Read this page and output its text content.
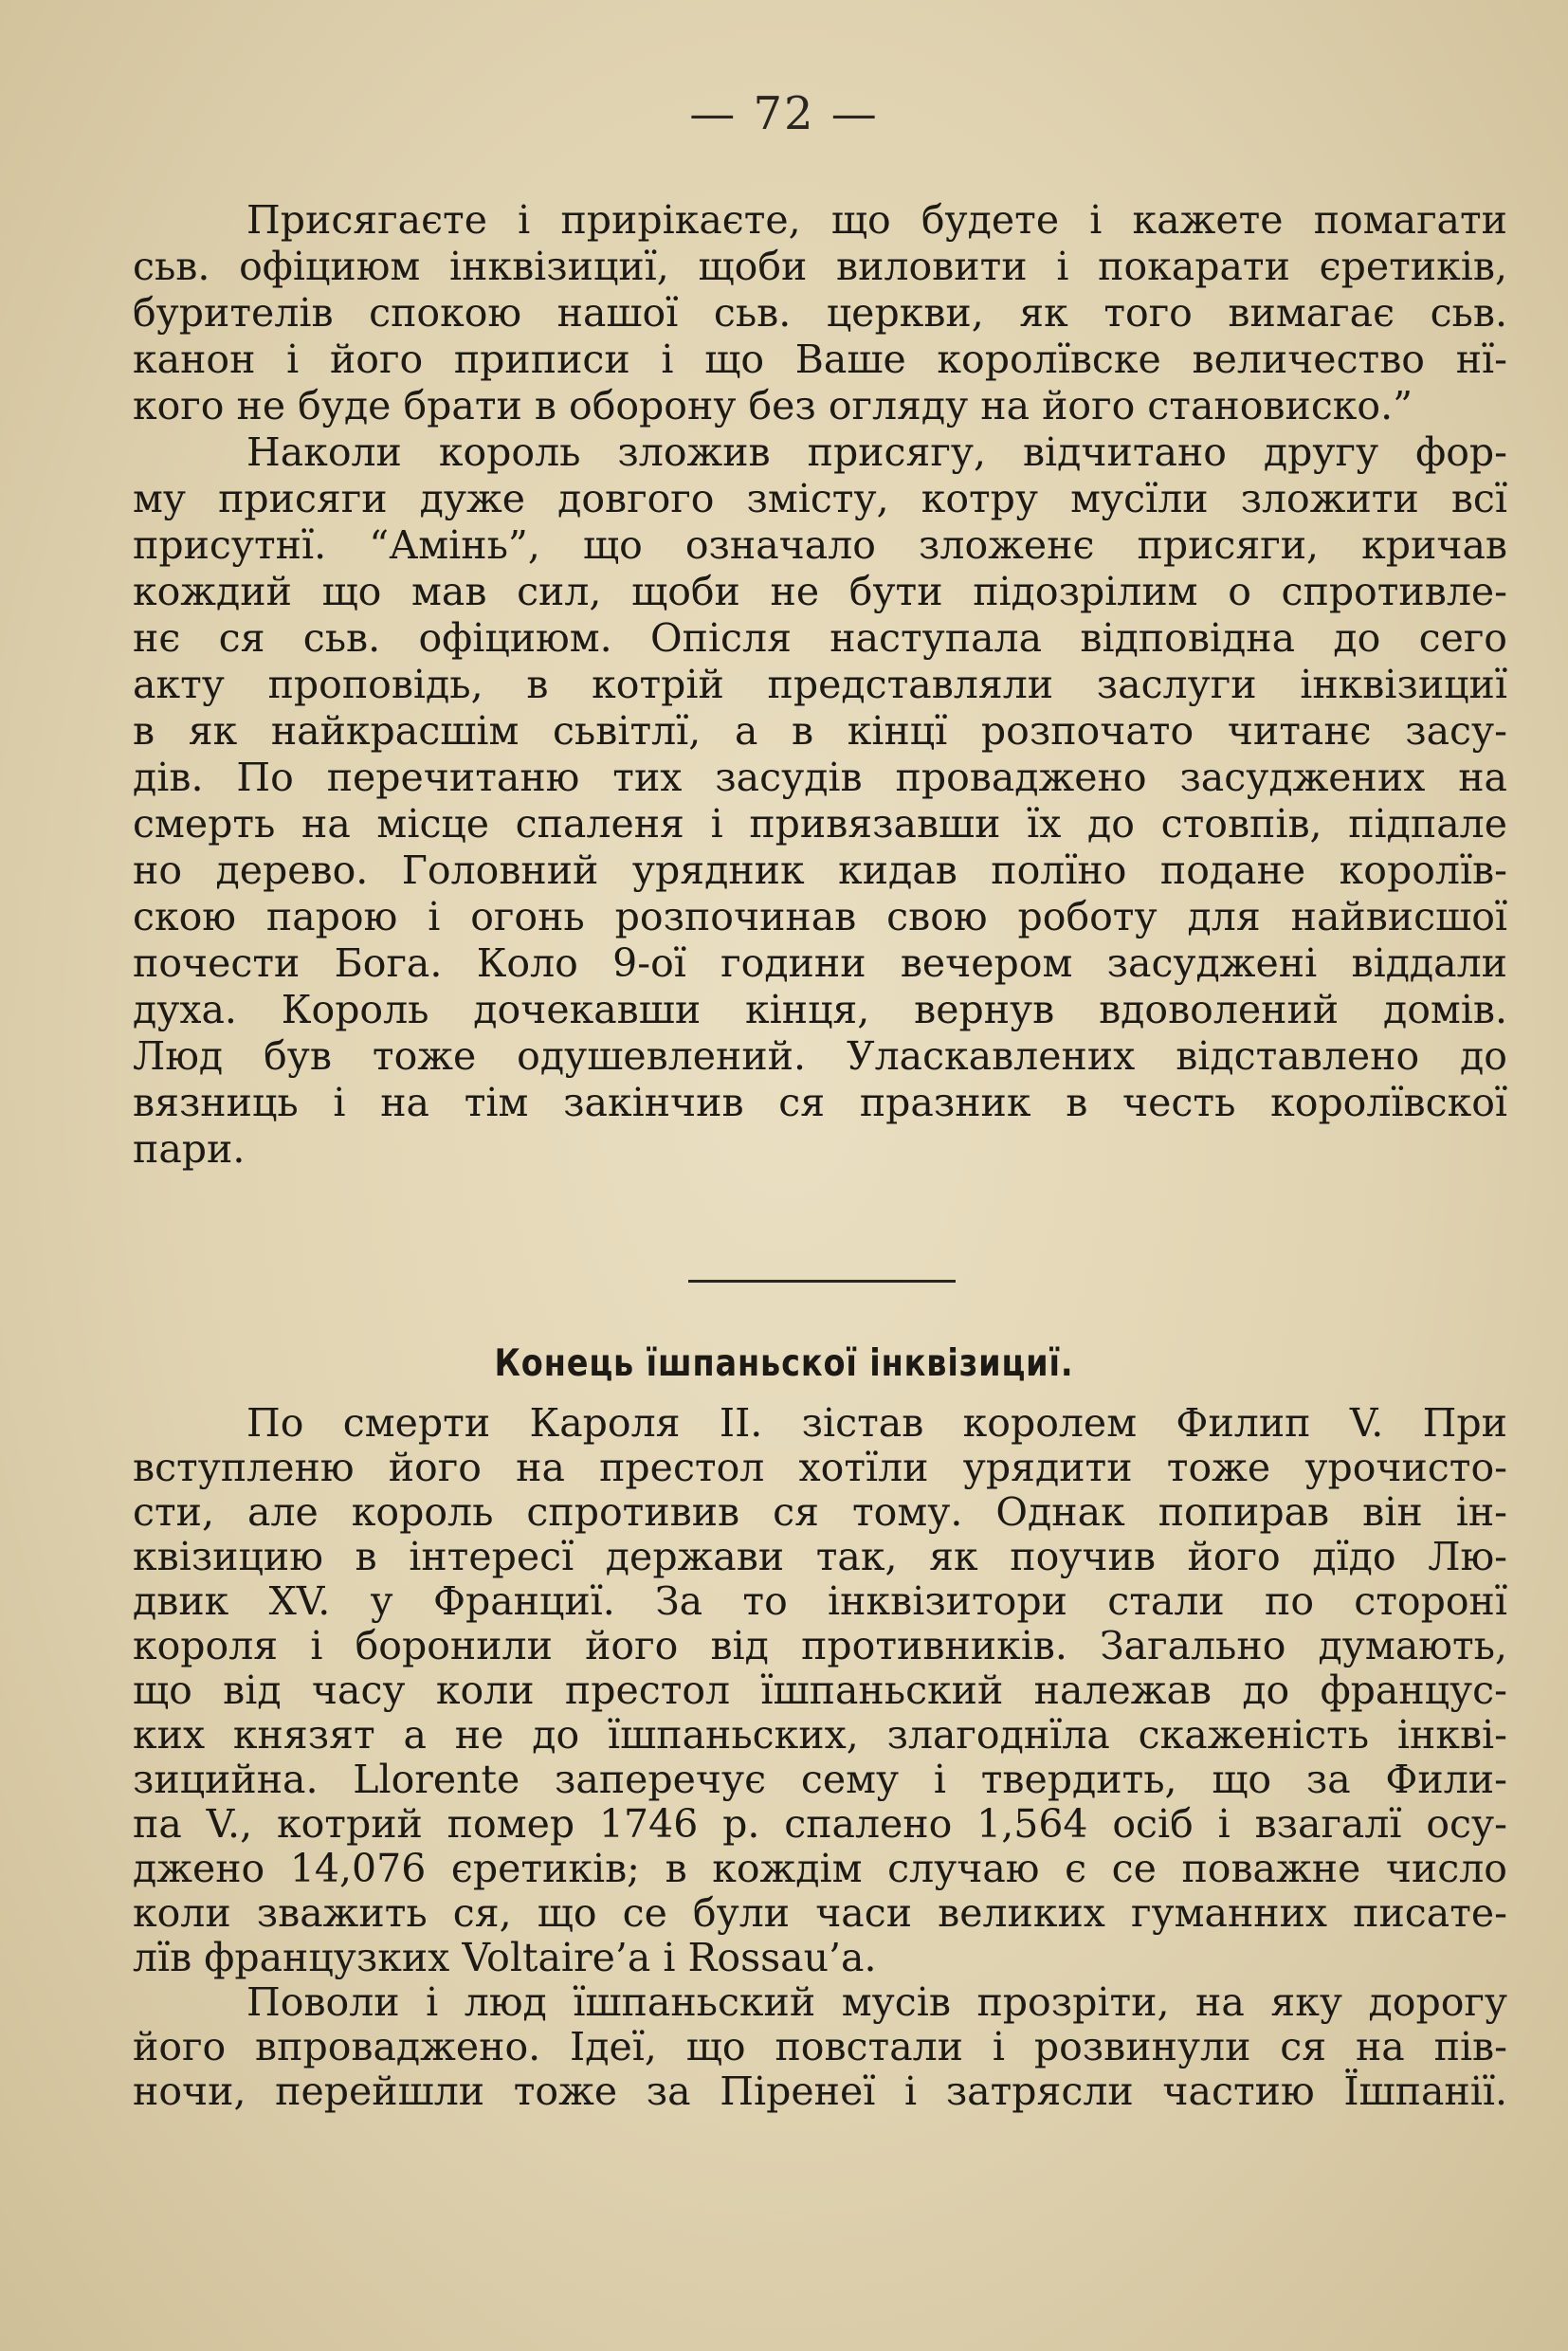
— 72 —
Присягаєте і прирікаєте, що будете і кажете помагати
сьв. офіциюм інквізициї, щоби виловити і покарати єретиків,
бурителів спокою нашої сьв. церкви, як того вимагає сьв.
канон і його приписи і що Ваше королївске величество нї-
кого не буде брати в оборону без огляду на його становиско.”
Наколи король зложив присягу, відчитано другу фор-
му присяги дуже довгого змісту, котру мусїли зложити всї
присутнї. “Амінь”, що означало зложенє присяги, кричав
кождий що мав сил, щоби не бути підозрілим о спротивле-
нє ся сьв. офіциюм. Опісля наступала відповідна до сего
акту проповідь, в котрій представляли заслуги інквізициї
в як найкрасшім сьвітлї, а в кінцї розпочато читанє засу-
дів. По перечитаню тих засудів проваджено засуджених на
смерть на місце спаленя і привязавши їх до стовпів, підпале
но дерево. Головний урядник кидав полїно подане королїв-
скою парою і огонь розпочинав свою роботу для найвисшої
почести Бога. Коло 9-ої години вечером засуджені віддали
духа. Король дочекавши кінця, вернув вдоволений домів.
Люд був тоже одушевлений. Уласкавлених відставлено до
вязниць і на тім закінчив ся празник в честь королївскої
пари.
Конець їшпаньскої інквізициї.
По смерти Кароля II. зістав королем Филип V. При
вступленю його на престол хотїли урядити тоже урочисто-
сти, але король спротивив ся тому. Однак попирав він ін-
квізицию в інтересї держави так, як поучив його дїдо Лю-
двик XV. у Франциї. За то інквізитори стали по сторонї
короля і боронили його від противників. Загально думають,
що від часу коли престол їшпаньский належав до францус-
ких князят а не до їшпаньских, злагоднїла скаженість інкві-
зицийна. Llorente заперечує сему і твердить, що за Фили-
па V., котрий помер 1746 р. спалено 1,564 осіб і взагалї осу-
джено 14,076 єретиків; в кождім случаю є се поважне число
коли зважить ся, що се були часи великих гуманних писате-
лїв французких Voltaire’a і Rossau’a.
Поволи і люд їшпаньский мусів прозріти, на яку дорогу
його впроваджено. Ідеї, що повстали і розвинули ся на пів-
ночи, перейшли тоже за Піренеї і затрясли частию Їшпанії.
